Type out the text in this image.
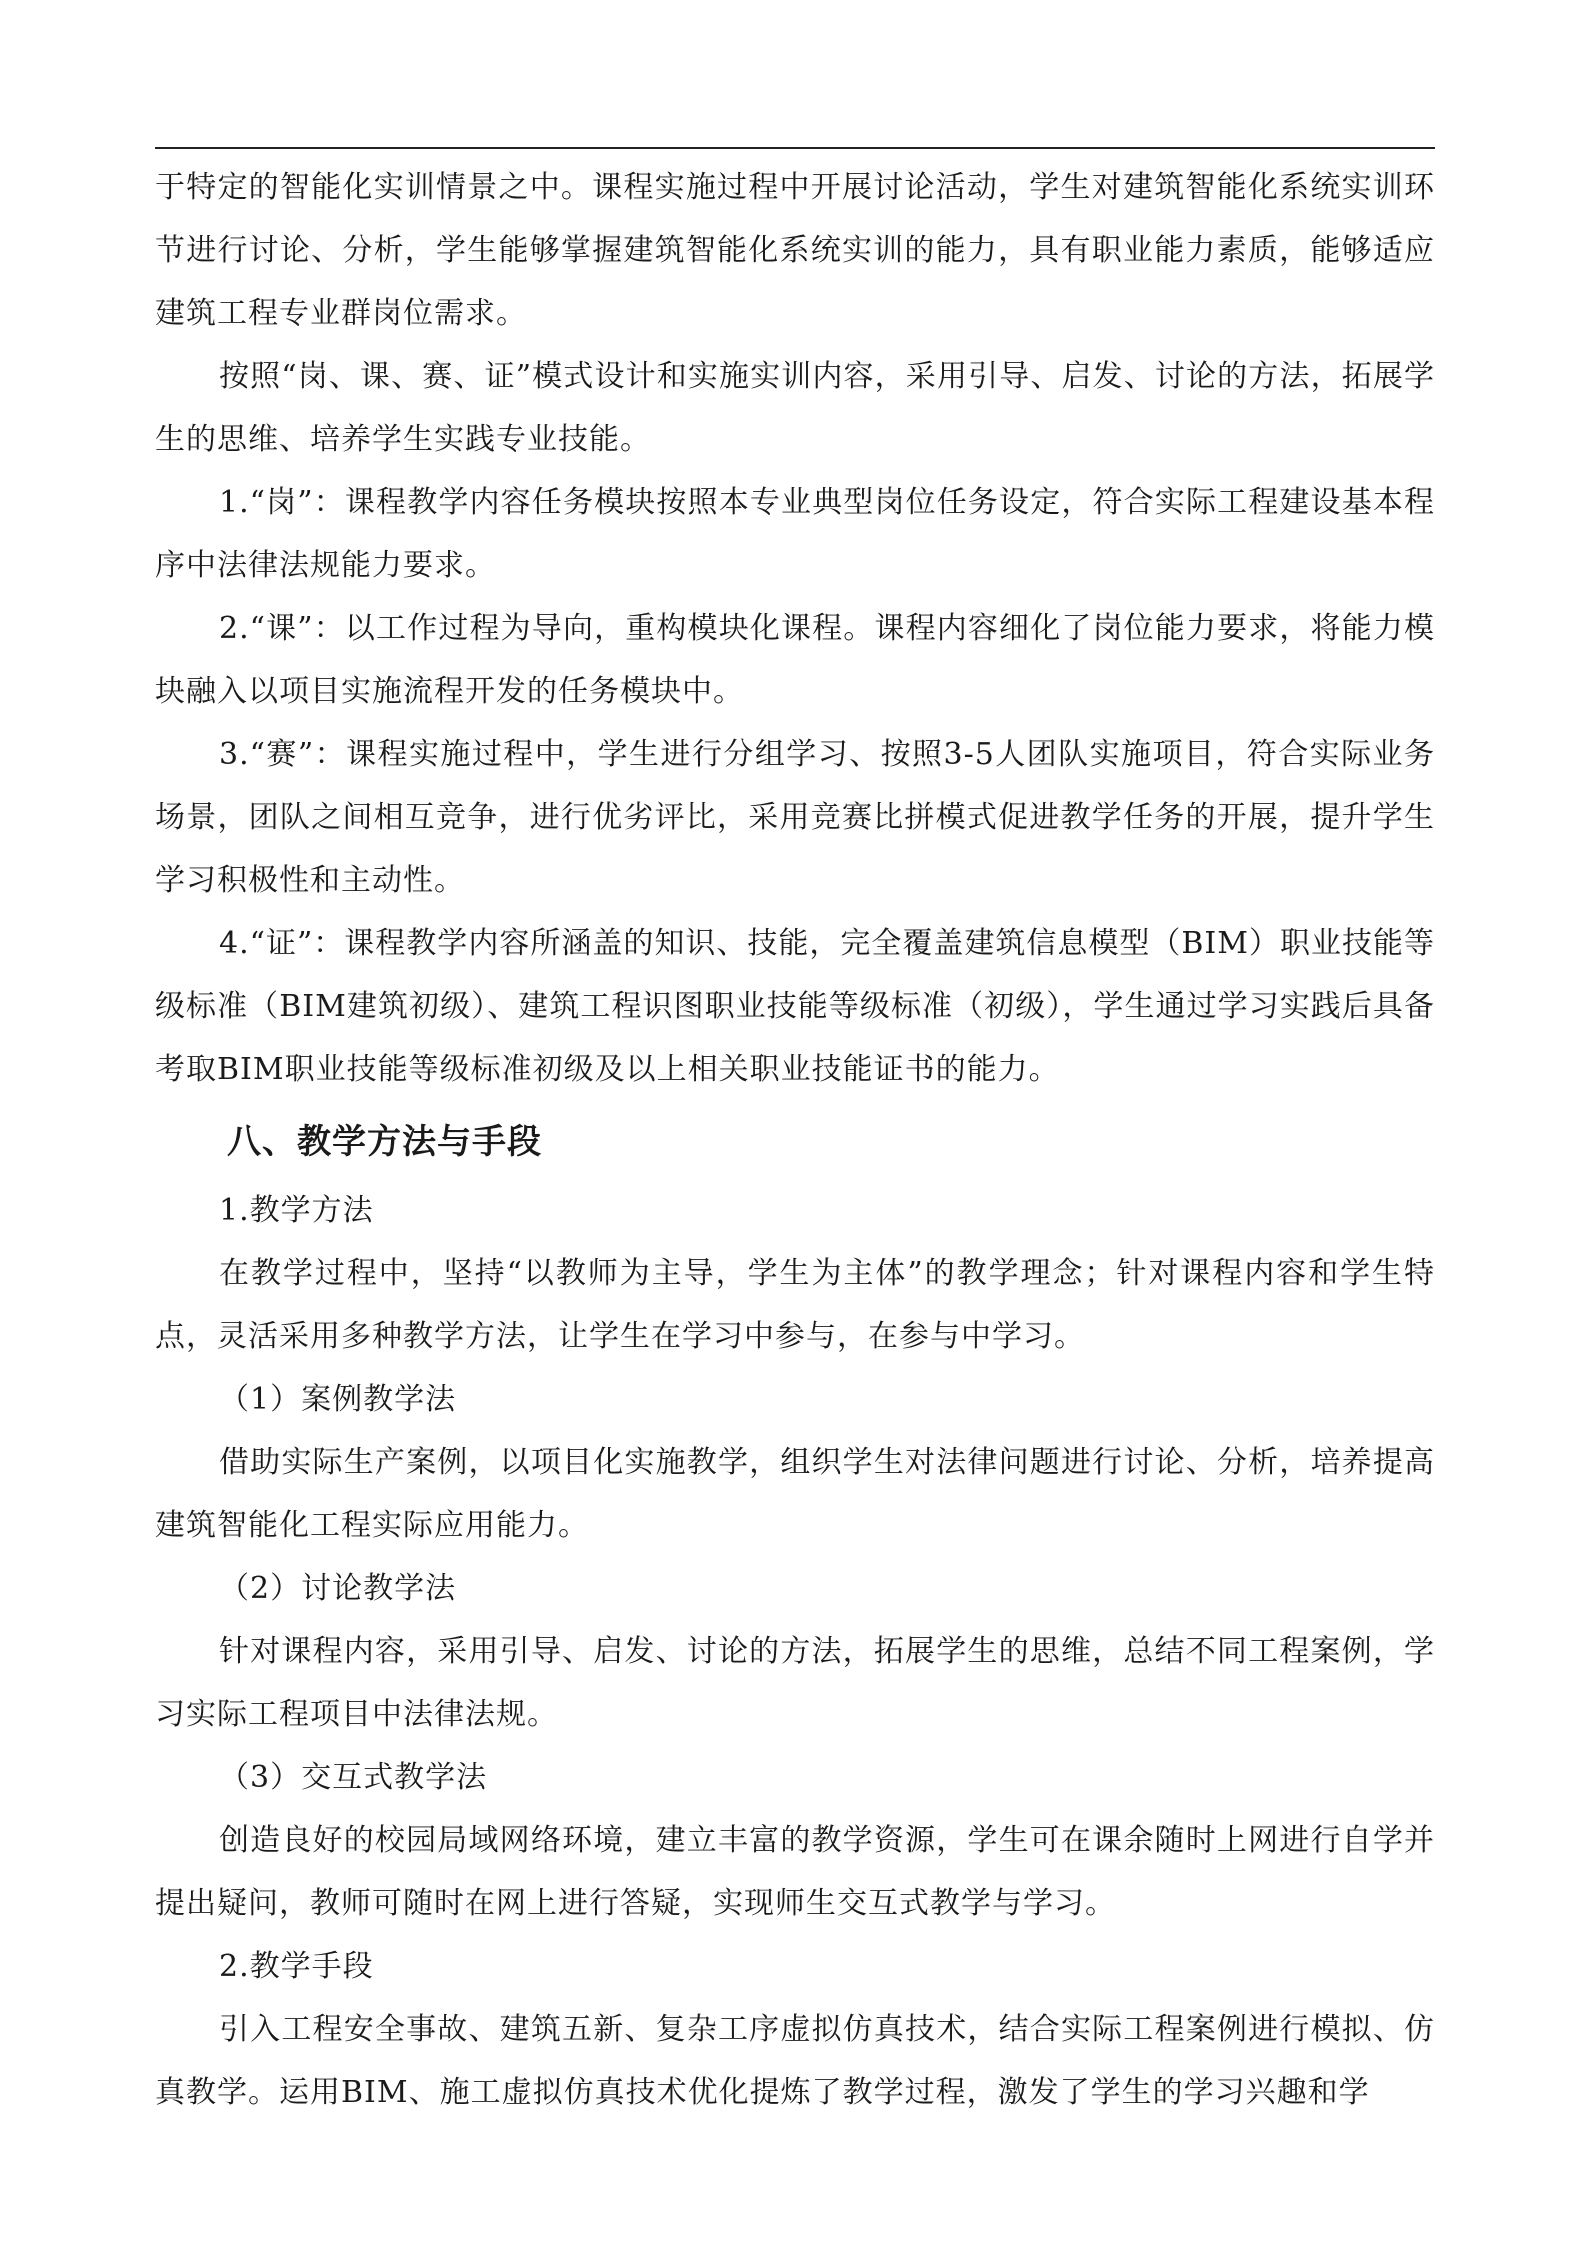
于特定的智能化实训情景之中。课程实施过程中开展讨论活动，学生对建筑智能化系统实训环节进行讨论、分析，学生能够掌握建筑智能化系统实训的能力，具有职业能力素质，能够适应建筑工程专业群岗位需求。

按照“岗、课、赛、证”模式设计和实施实训内容，采用引导、启发、讨论的方法，拓展学生的思维、培养学生实践专业技能。

1.“岗”：课程教学内容任务模块按照本专业典型岗位任务设定，符合实际工程建设基本程序中法律法规能力要求。

2.“课”：以工作过程为导向，重构模块化课程。课程内容细化了岗位能力要求，将能力模块融入以项目实施流程开发的任务模块中。

3.“赛”：课程实施过程中，学生进行分组学习、按照3-5人团队实施项目，符合实际业务场景，团队之间相互竞争，进行优劣评比，采用竞赛比拼模式促进教学任务的开展，提升学生学习积极性和主动性。

4.“证”：课程教学内容所涵盖的知识、技能，完全覆盖建筑信息模型（BIM）职业技能等级标准（BIM建筑初级）、建筑工程识图职业技能等级标准（初级），学生通过学习实践后具备考取BIM职业技能等级标准初级及以上相关职业技能证书的能力。

八、教学方法与手段

1.教学方法

在教学过程中，坚持“以教师为主导，学生为主体”的教学理念；针对课程内容和学生特点，灵活采用多种教学方法，让学生在学习中参与，在参与中学习。

（1）案例教学法

借助实际生产案例，以项目化实施教学，组织学生对法律问题进行讨论、分析，培养提高建筑智能化工程实际应用能力。

（2）讨论教学法

针对课程内容，采用引导、启发、讨论的方法，拓展学生的思维，总结不同工程案例，学习实际工程项目中法律法规。

（3）交互式教学法

创造良好的校园局域网络环境，建立丰富的教学资源，学生可在课余随时上网进行自学并提出疑问，教师可随时在网上进行答疑，实现师生交互式教学与学习。

2.教学手段

引入工程安全事故、建筑五新、复杂工序虚拟仿真技术，结合实际工程案例进行模拟、仿真教学。运用BIM、施工虚拟仿真技术优化提炼了教学过程，激发了学生的学习兴趣和学
